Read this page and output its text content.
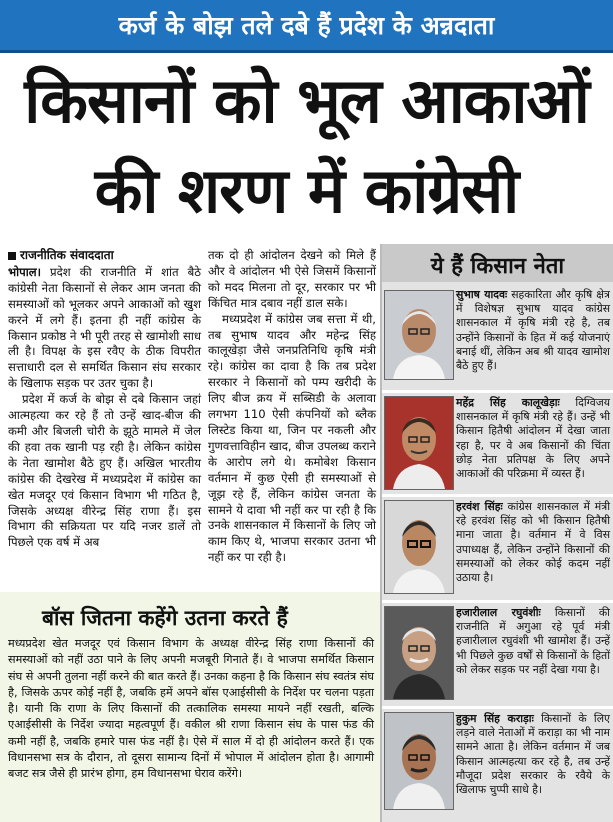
कर्ज के बोझ तले दबे हैं प्रदेश के अन्नदाता
किसानों को भूल आकाओं
की शरण में कांग्रेसी
राजनीतिक संवाददाता

भोपाल। प्रदेश की राजनीति में शांत बैठे कांग्रेसी नेता किसानों से लेकर आम जनता की समस्याओं को भूलकर अपने आकाओं को खुश करने में लगे हैं। इतना ही नहीं कांग्रेस के किसान प्रकोष्ठ ने भी पूरी तरह से खामोशी साध ली है। विपक्ष के इस रवैए के ठीक विपरीत सत्ताधारी दल से समर्थित किसान संघ सरकार के खिलाफ सड़क पर उतर चुका है।

प्रदेश में कर्ज के बोझ से दबे किसान जहां आत्महत्या कर रहे हैं तो उन्हें खाद-बीज की कमी और बिजली चोरी के झूठे मामले में जेल की हवा तक खानी पड़ रही है। लेकिन कांग्रेस के नेता खामोश बैठे हुए हैं। अखिल भारतीय कांग्रेस की देखरेख में मध्यप्रदेश में कांग्रेस का खेत मजदूर एवं किसान विभाग भी गठित है, जिसके अध्यक्ष वीरेन्द्र सिंह राणा हैं। इस विभाग की सक्रियता पर यदि नजर डालें तो पिछले एक वर्ष में अब

तक दो ही आंदोलन देखने को मिले हैं और वे आंदोलन भी ऐसे जिसमें किसानों को मदद मिलना तो दूर, सरकार पर भी किंचित मात्र दबाव नहीं डाल सके।

मध्यप्रदेश में कांग्रेस जब सत्ता में थी, तब सुभाष यादव और महेन्द्र सिंह कालूखेड़ा जैसे जनप्रतिनिधि कृषि मंत्री रहे। कांग्रेस का दावा है कि तब प्रदेश सरकार ने किसानों को पम्प खरीदी के लिए बीज क्रय में सब्सिडी के अलावा लगभग 110 ऐसी कंपनियों को ब्लैक लिस्टेड किया था, जिन पर नकली और गुणवत्ताविहीन खाद, बीज उपलब्ध कराने के आरोप लगे थे। कमोबेश किसान वर्तमान में कुछ ऐसी ही समस्याओं से जूझ रहे हैं, लेकिन कांग्रेस जनता के सामने ये दावा भी नहीं कर पा रही है कि उनके शासनकाल में किसानों के लिए जो काम किए थे, भाजपा सरकार उतना भी नहीं कर पा रही है।

बॉस जितना कहेंगे उतना करते हैं
मध्यप्रदेश खेत मजदूर एवं किसान विभाग के अध्यक्ष वीरेन्द्र सिंह राणा किसानों की समस्याओं को नहीं उठा पाने के लिए अपनी मजबूरी गिनाते हैं। वे भाजपा समर्थित किसान संघ से अपनी तुलना नहीं करने की बात करते हैं। उनका कहना है कि किसान संघ स्वतंत्र संघ है, जिसके ऊपर कोई नहीं है, जबकि हमें अपने बॉस एआईसीसी के निर्देश पर चलना पड़ता है। यानी कि राणा के लिए किसानों की तत्कालिक समस्या मायने नहीं रखती, बल्कि एआईसीसी के निर्देश ज्यादा महत्वपूर्ण हैं। वकील श्री राणा किसान संघ के पास फंड की कमी नहीं है, जबकि हमारे पास फंड नहीं है। ऐसे में साल में दो ही आंदोलन करते हैं। एक विधानसभा सत्र के दौरान, तो दूसरा सामान्य दिनों में भोपाल में आंदोलन होता है। आगामी बजट सत्र जैसे ही प्रारंभ होगा, हम विधानसभा घेराव करेंगे।
ये हैं किसान नेता
सुभाष यादवः सहकारिता और कृषि क्षेत्र में विशेषज्ञ सुभाष यादव कांग्रेस शासनकाल में कृषि मंत्री रहे है, तब उन्होंने किसानों के हित में कई योजनाएं बनाई थीं, लेकिन अब श्री यादव खामोश बैठे हुए हैं।
महेंद्र सिंह कालूखेड़ाः दिग्विजय शासनकाल में कृषि मंत्री रहे हैं। उन्हें भी किसान हितैषी आंदोलन में देखा जाता रहा है, पर वे अब किसानों की चिंता छोड़ नेता प्रतिपक्ष के लिए अपने आकाओं की परिक्रमा में व्यस्त हैं।
हरवंश सिंहः कांग्रेस शासनकाल में मंत्री रहे हरवंश सिंह को भी किसान हितैषी माना जाता है। वर्तमान में वे विस उपाध्यक्ष हैं, लेकिन उन्होंने किसानों की समस्याओं को लेकर कोई कदम नहीं उठाया है।
हजारीलाल रघुवंशीः किसानों की राजनीति में अगुआ रहे पूर्व मंत्री हजारीलाल रघुवंशी भी खामोश हैं। उन्हें भी पिछले कुछ वर्षों से किसानों के हितों को लेकर सड़क पर नहीं देखा गया है।
हुकुम सिंह कराड़ाः किसानों के लिए लड़ने वाले नेताओं में कराड़ा का भी नाम सामने आता है। लेकिन वर्तमान में जब किसान आत्महत्या कर रहे है, तब उन्हें मौजूदा प्रदेश सरकार के रवैये के खिलाफ चुप्पी साधे है।
